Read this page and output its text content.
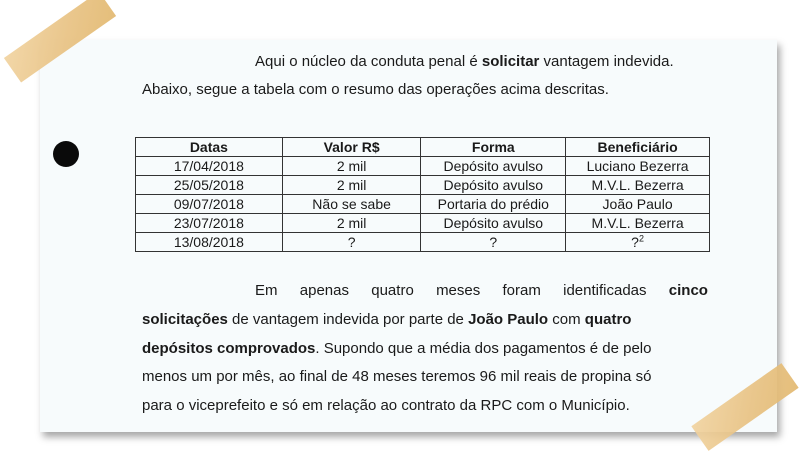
Aqui o núcleo da conduta penal é solicitar vantagem indevida.
Abaixo, segue a tabela com o resumo das operações acima descritas.
Datas	Valor R$	Forma	Beneficiário
17/04/2018	2 mil	Depósito avulso	Luciano Bezerra
25/05/2018	2 mil	Depósito avulso	M.V.L. Bezerra
09/07/2018	Não se sabe	Portaria do prédio	João Paulo
23/07/2018	2 mil	Depósito avulso	M.V.L. Bezerra
13/08/2018	?	?	?$^2$
Em apenas quatro meses foram identificadas cinco
solicitações de vantagem indevida por parte de João Paulo com quatro
depósitos comprovados. Supondo que a média dos pagamentos é de pelo
menos um por mês, ao final de 48 meses teremos 96 mil reais de propina só
para o viceprefeito e só em relação ao contrato da RPC com o Município.
